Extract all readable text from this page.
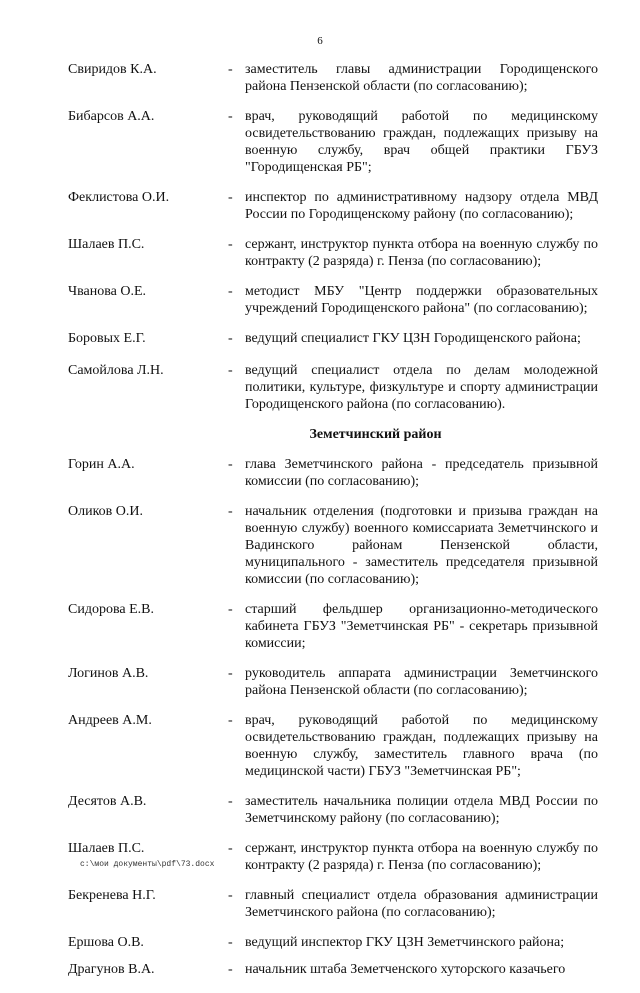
6
Свиридов К.А.	- заместитель главы администрации Городищенского района Пензенской области (по согласованию);
Бибарсов А.А.	- врач, руководящий работой по медицинскому освидетельствованию граждан, подлежащих призыву на военную службу, врач общей практики ГБУЗ "Городищенская РБ";
Феклистова О.И.	- инспектор по административному надзору отдела МВД России по Городищенскому району (по согласованию);
Шалаев П.С.	- сержант, инструктор пункта отбора на военную службу по контракту (2 разряда) г. Пенза (по согласованию);
Чванова О.Е.	- методист МБУ "Центр поддержки образовательных учреждений Городищенского района" (по согласованию);
Боровых Е.Г.	- ведущий специалист ГКУ ЦЗН Городищенского района;
Самойлова Л.Н.	- ведущий специалист отдела по делам молодежной политики, культуре, физкультуре и спорту администрации Городищенского района (по согласованию).
Земетчинский район
Горин А.А.	- глава Земетчинского района - председатель призывной комиссии (по согласованию);
Оликов О.И.	- начальник отделения (подготовки и призыва граждан на военную службу) военного комиссариата Земетчинского и Вадинского районам Пензенской области, муниципального - заместитель председателя призывной комиссии (по согласованию);
Сидорова Е.В.	- старший фельдшер организационно-методического кабинета ГБУЗ "Земетчинская РБ" - секретарь призывной комиссии;
Логинов А.В.	- руководитель аппарата администрации Земетчинского района Пензенской области (по согласованию);
Андреев А.М.	- врач, руководящий работой по медицинскому освидетельствованию граждан, подлежащих призыву на военную службу, заместитель главного врача (по медицинской части) ГБУЗ "Земетчинская РБ";
Десятов А.В.	- заместитель начальника полиции отдела МВД России по Земетчинскому району (по согласованию);
Шалаев П.С.	- сержант, инструктор пункта отбора на военную службу по контракту (2 разряда) г. Пенза (по согласованию);
Бекренева Н.Г.	- главный специалист отдела образования администрации Земетчинского района (по согласованию);
Ершова О.В.	- ведущий инспектор ГКУ ЦЗН Земетчинского района;
Драгунов В.А.	- начальник штаба Земетченского хуторского казачьего
c:\мои документы\pdf\73.docx
